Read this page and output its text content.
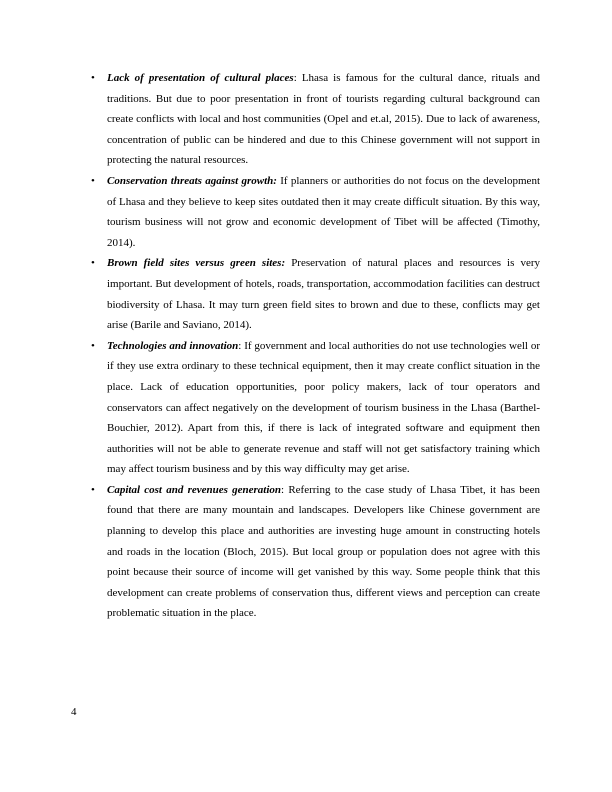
• Lack of presentation of cultural places: Lhasa is famous for the cultural dance, rituals and traditions. But due to poor presentation in front of tourists regarding cultural background can create conflicts with local and host communities (Opel and et.al, 2015). Due to lack of awareness, concentration of public can be hindered and due to this Chinese government will not support in protecting the natural resources.
• Conservation threats against growth: If planners or authorities do not focus on the development of Lhasa and they believe to keep sites outdated then it may create difficult situation. By this way, tourism business will not grow and economic development of Tibet will be affected (Timothy, 2014).
• Brown field sites versus green sites: Preservation of natural places and resources is very important. But development of hotels, roads, transportation, accommodation facilities can destruct biodiversity of Lhasa. It may turn green field sites to brown and due to these, conflicts may get arise (Barile and Saviano, 2014).
• Technologies and innovation: If government and local authorities do not use technologies well or if they use extra ordinary to these technical equipment, then it may create conflict situation in the place. Lack of education opportunities, poor policy makers, lack of tour operators and conservators can affect negatively on the development of tourism business in the Lhasa (Barthel-Bouchier, 2012). Apart from this, if there is lack of integrated software and equipment then authorities will not be able to generate revenue and staff will not get satisfactory training which may affect tourism business and by this way difficulty may get arise.
• Capital cost and revenues generation: Referring to the case study of Lhasa Tibet, it has been found that there are many mountain and landscapes. Developers like Chinese government are planning to develop this place and authorities are investing huge amount in constructing hotels and roads in the location (Bloch, 2015). But local group or population does not agree with this point because their source of income will get vanished by this way. Some people think that this development can create problems of conservation thus, different views and perception can create problematic situation in the place.
4
